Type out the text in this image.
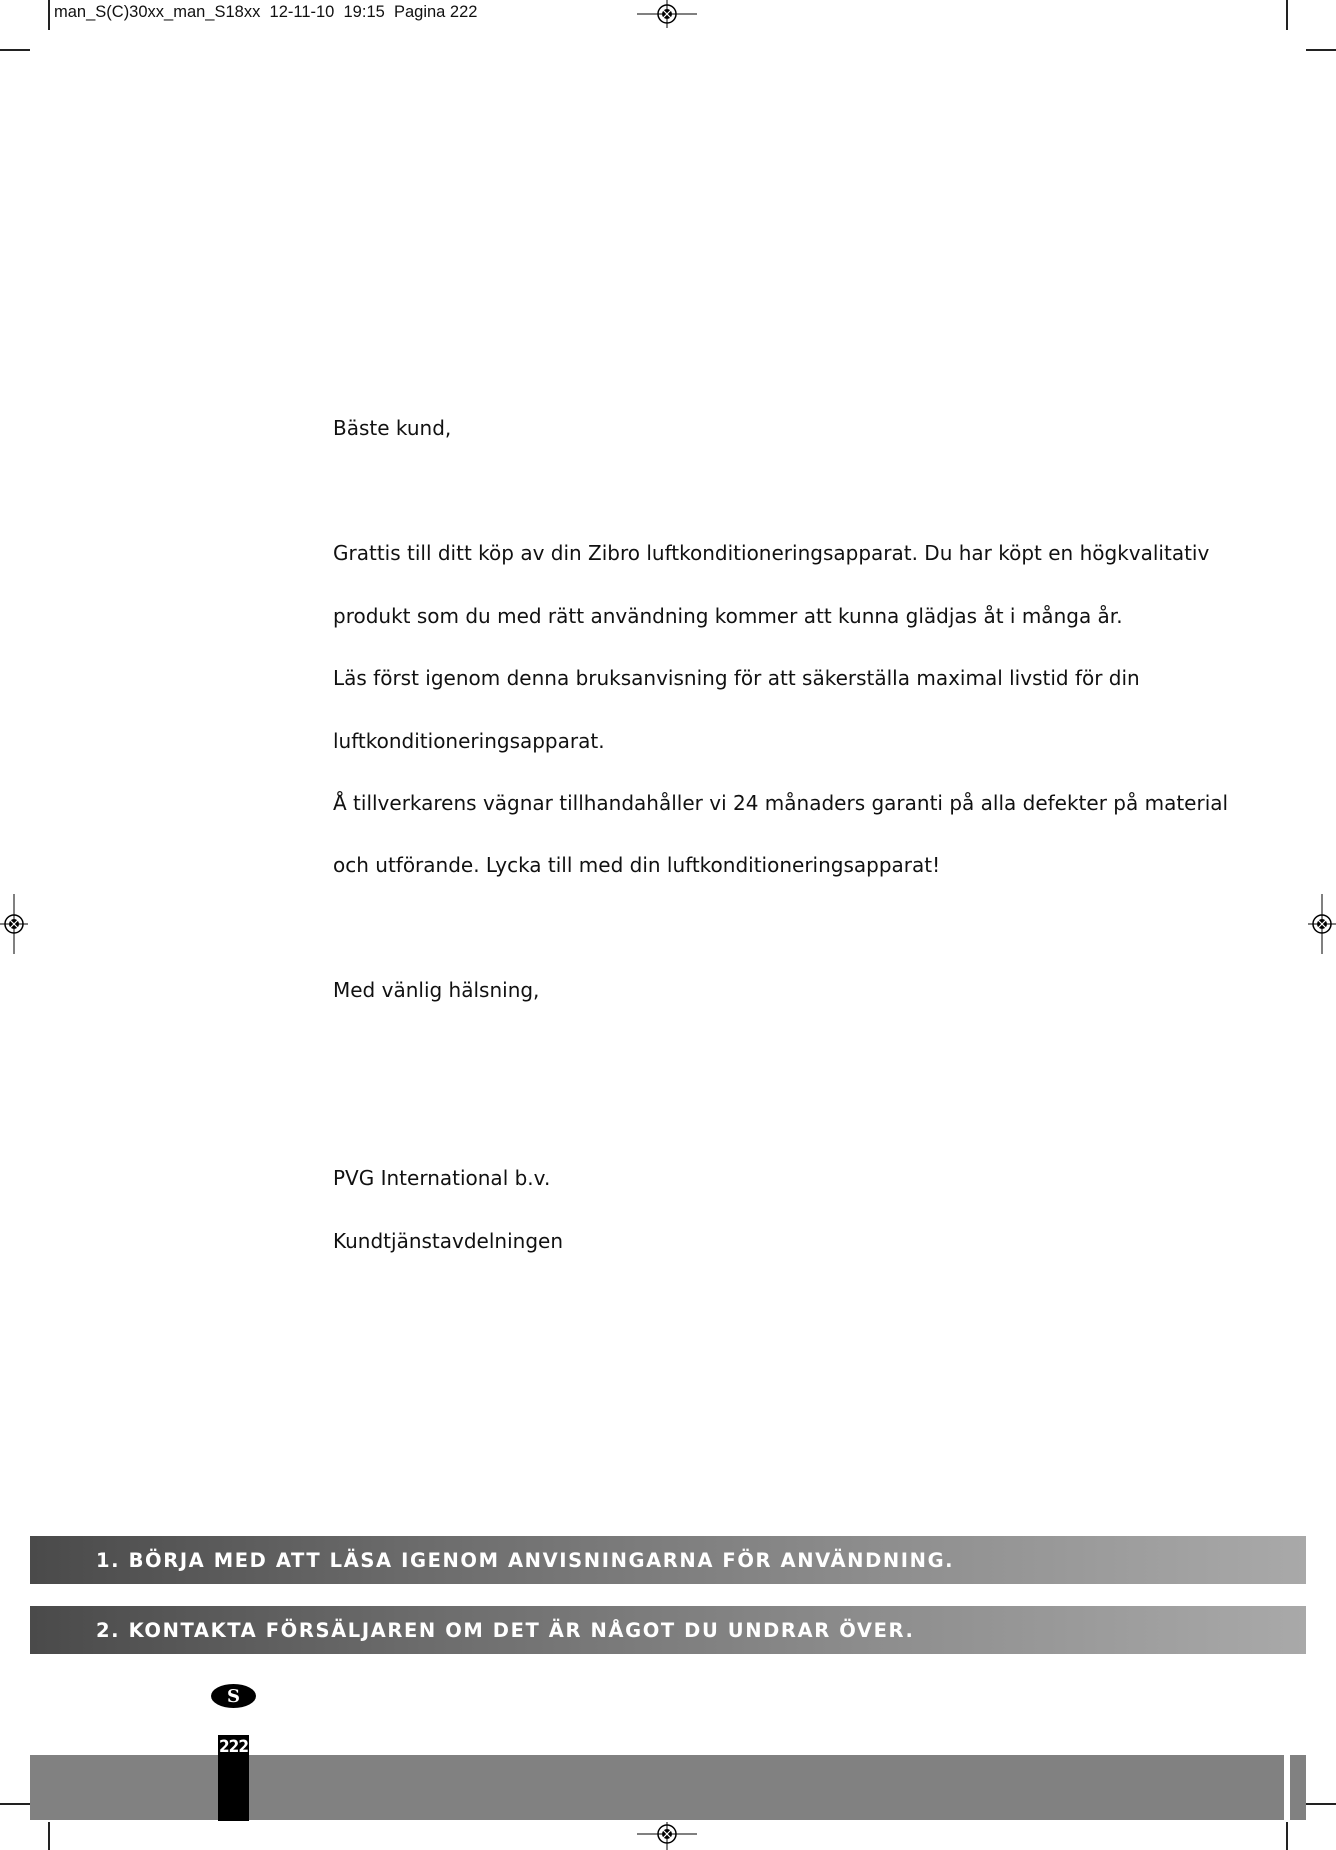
man_S(C)30xx_man_S18xx  12-11-10  19:15  Pagina 222
Bäste kund,
Grattis till ditt köp av din Zibro luftkonditioneringsapparat. Du har köpt en högkvalitativ
produkt som du med rätt användning kommer att kunna glädjas åt i många år.
Läs först igenom denna bruksanvisning för att säkerställa maximal livstid för din
luftkonditioneringsapparat.
Å tillverkarens vägnar tillhandahåller vi 24 månaders garanti på alla defekter på material
och utförande. Lycka till med din luftkonditioneringsapparat!
Med vänlig hälsning,
PVG International b.v.
Kundtjänstavdelningen
1. BÖRJA MED ATT LÄSA IGENOM ANVISNINGARNA FÖR ANVÄNDNING.
2. KONTAKTA FÖRSÄLJAREN OM DET ÄR NÅGOT DU UNDRAR ÖVER.
S
222
